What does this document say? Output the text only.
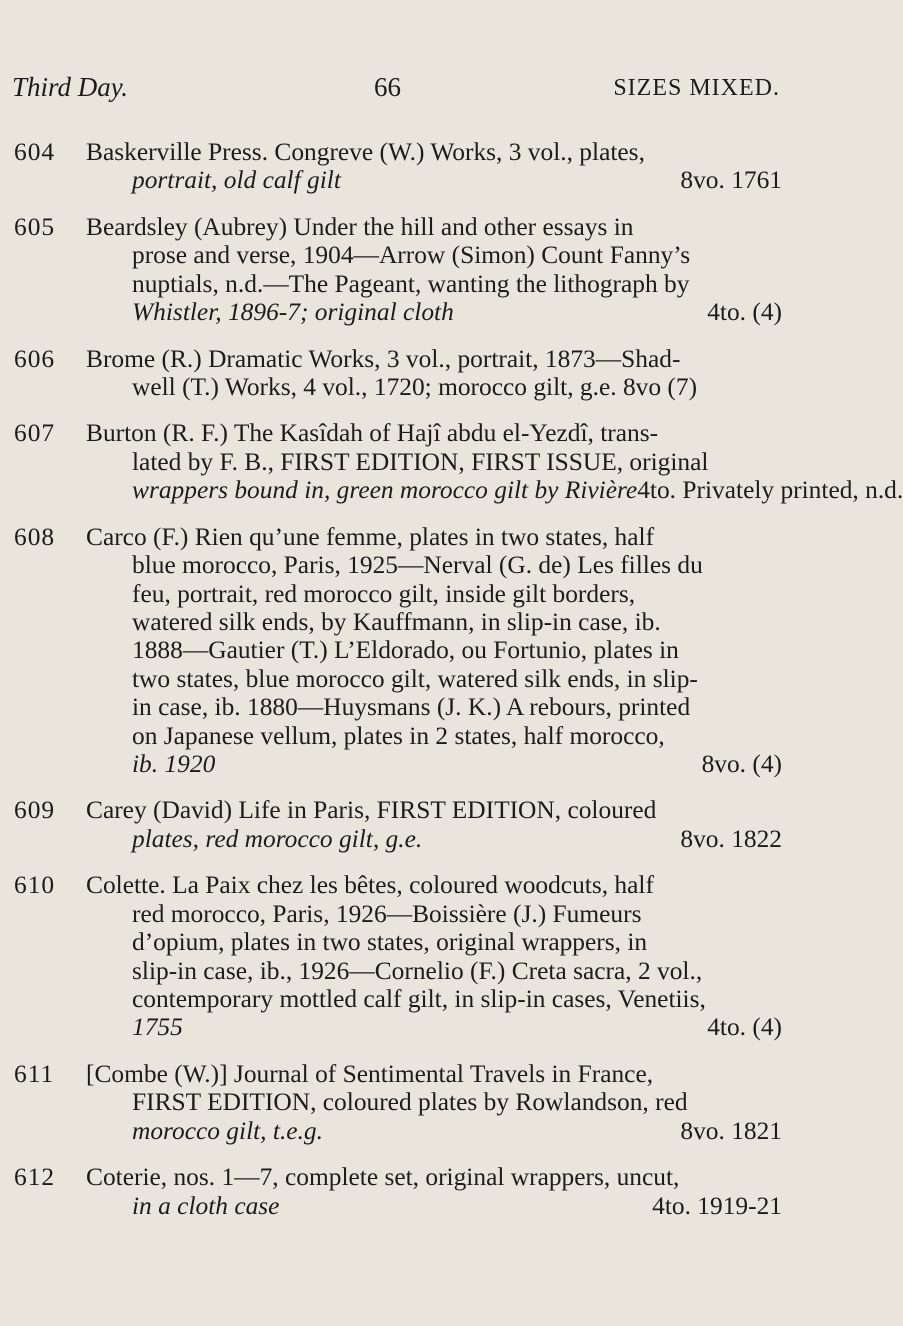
Third Day.	66	SIZES MIXED.
604	Baskerville Press. Congreve (W.) Works, 3 vol., plates,
portrait, old calf gilt	8vo. 1761
605	Beardsley (Aubrey) Under the hill and other essays in
prose and verse, 1904—Arrow (Simon) Count Fanny’s
nuptials, n.d.—The Pageant, wanting the lithograph by
Whistler, 1896-7; original cloth	4to. (4)
606	Brome (R.) Dramatic Works, 3 vol., portrait, 1873—Shad-
well (T.) Works, 4 vol., 1720; morocco gilt, g.e. 8vo (7)
607	Burton (R. F.) The Kasîdah of Hajî abdu el-Yezdî, trans-
lated by F. B., FIRST EDITION, FIRST ISSUE, original
wrappers bound in, green morocco gilt by Rivière 4to. Privately printed, n.d.
608	Carco (F.) Rien qu’une femme, plates in two states, half
blue morocco, Paris, 1925—Nerval (G. de) Les filles du
feu, portrait, red morocco gilt, inside gilt borders,
watered silk ends, by Kauffmann, in slip-in case, ib.
1888—Gautier (T.) L’Eldorado, ou Fortunio, plates in
two states, blue morocco gilt, watered silk ends, in slip-
in case, ib. 1880—Huysmans (J. K.) A rebours, printed
on Japanese vellum, plates in 2 states, half morocco,
ib. 1920	8vo. (4)
609	Carey (David) Life in Paris, FIRST EDITION, coloured
plates, red morocco gilt, g.e.	8vo. 1822
610	Colette. La Paix chez les bêtes, coloured woodcuts, half
red morocco, Paris, 1926—Boissière (J.) Fumeurs
d’opium, plates in two states, original wrappers, in
slip-in case, ib., 1926—Cornelio (F.) Creta sacra, 2 vol.,
contemporary mottled calf gilt, in slip-in cases, Venetiis,
1755	4to. (4)
611	[Combe (W.)] Journal of Sentimental Travels in France,
FIRST EDITION, coloured plates by Rowlandson, red
morocco gilt, t.e.g.	8vo. 1821
612	Coterie, nos. 1—7, complete set, original wrappers, uncut,
in a cloth case	4to. 1919-21
